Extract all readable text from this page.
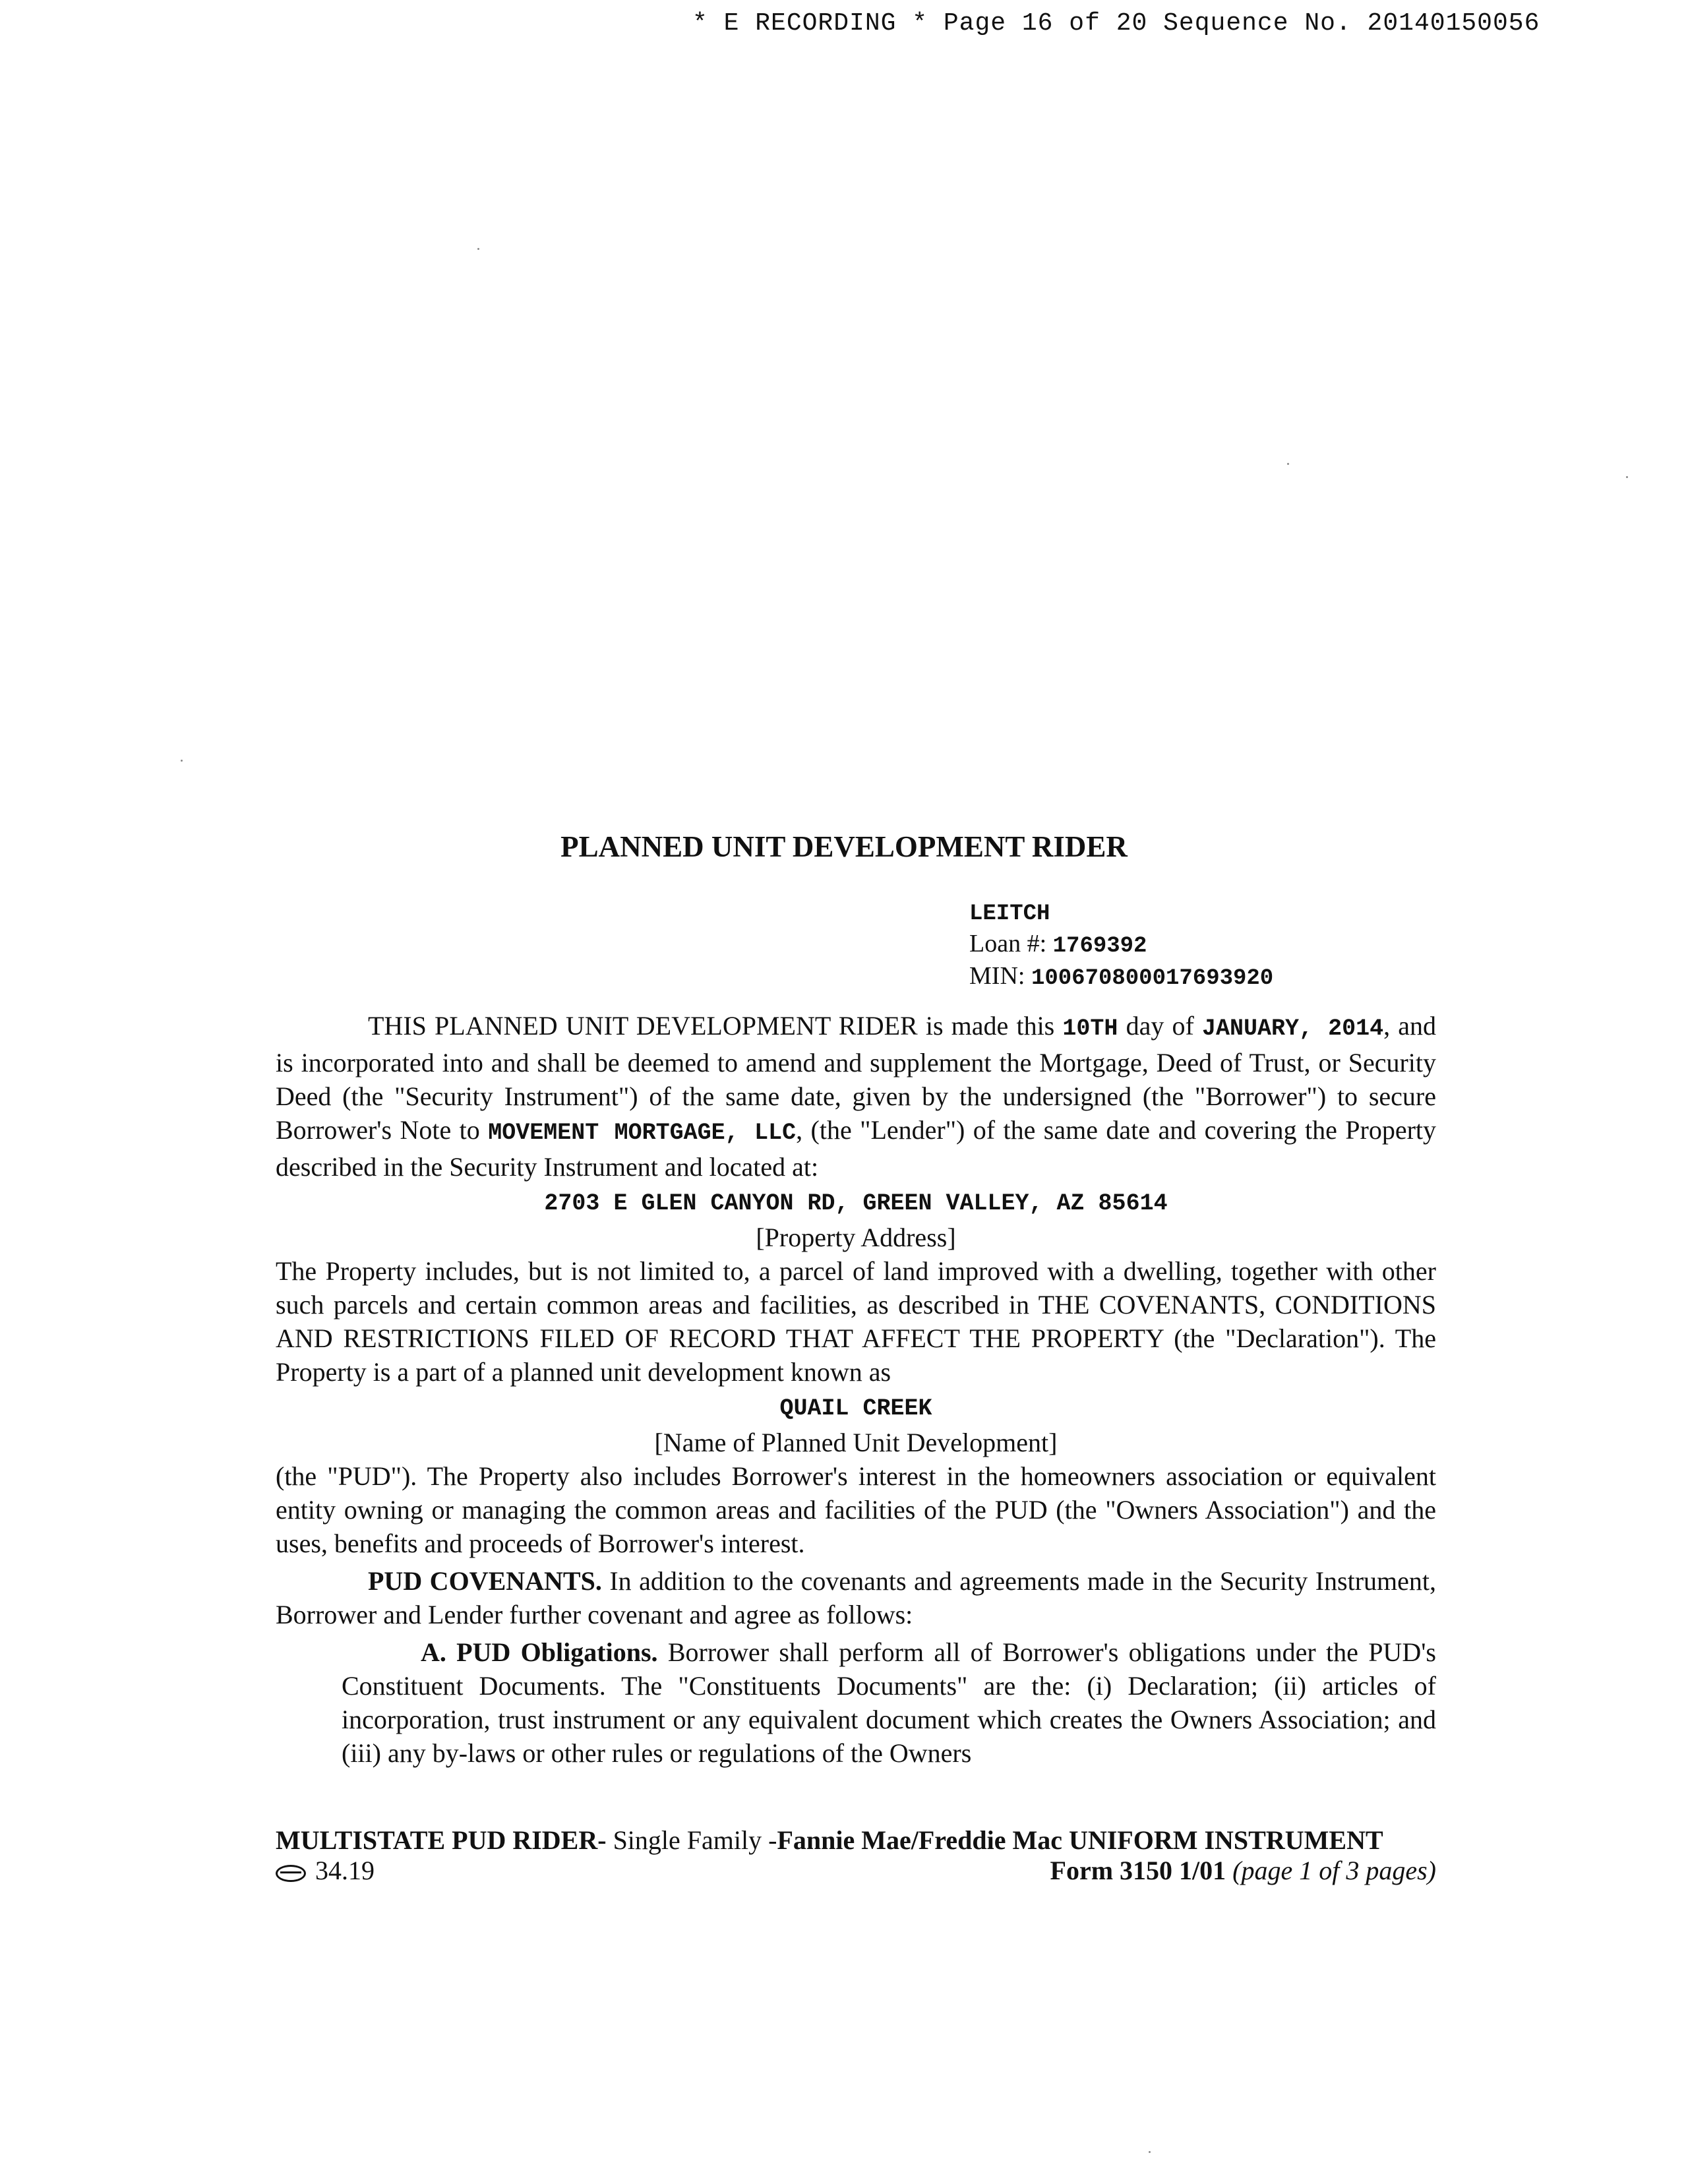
* E RECORDING * Page 16 of 20 Sequence No. 20140150056
PLANNED UNIT DEVELOPMENT RIDER
LEITCH
Loan #: 1769392
MIN: 100670800017693920

THIS PLANNED UNIT DEVELOPMENT RIDER is made this 10TH day of JANUARY, 2014, and is incorporated into and shall be deemed to amend and supplement the Mortgage, Deed of Trust, or Security Deed (the "Security Instrument") of the same date, given by the undersigned (the "Borrower") to secure Borrower's Note to MOVEMENT MORTGAGE, LLC, (the "Lender") of the same date and covering the Property described in the Security Instrument and located at:

2703 E GLEN CANYON RD, GREEN VALLEY, AZ 85614
[Property Address]

The Property includes, but is not limited to, a parcel of land improved with a dwelling, together with other such parcels and certain common areas and facilities, as described in THE COVENANTS, CONDITIONS AND RESTRICTIONS FILED OF RECORD THAT AFFECT THE PROPERTY (the "Declaration"). The Property is a part of a planned unit development known as

QUAIL CREEK
[Name of Planned Unit Development]

(the "PUD"). The Property also includes Borrower's interest in the homeowners association or equivalent entity owning or managing the common areas and facilities of the PUD (the "Owners Association") and the uses, benefits and proceeds of Borrower's interest.

PUD COVENANTS. In addition to the covenants and agreements made in the Security Instrument, Borrower and Lender further covenant and agree as follows:

A. PUD Obligations. Borrower shall perform all of Borrower's obligations under the PUD's Constituent Documents. The "Constituents Documents" are the: (i) Declaration; (ii) articles of incorporation, trust instrument or any equivalent document which creates the Owners Association; and (iii) any by-laws or other rules or regulations of the Owners

MULTISTATE PUD RIDER- Single Family -Fannie Mae/Freddie Mac UNIFORM INSTRUMENT
34.19	Form 3150 1/01 (page 1 of 3 pages)
